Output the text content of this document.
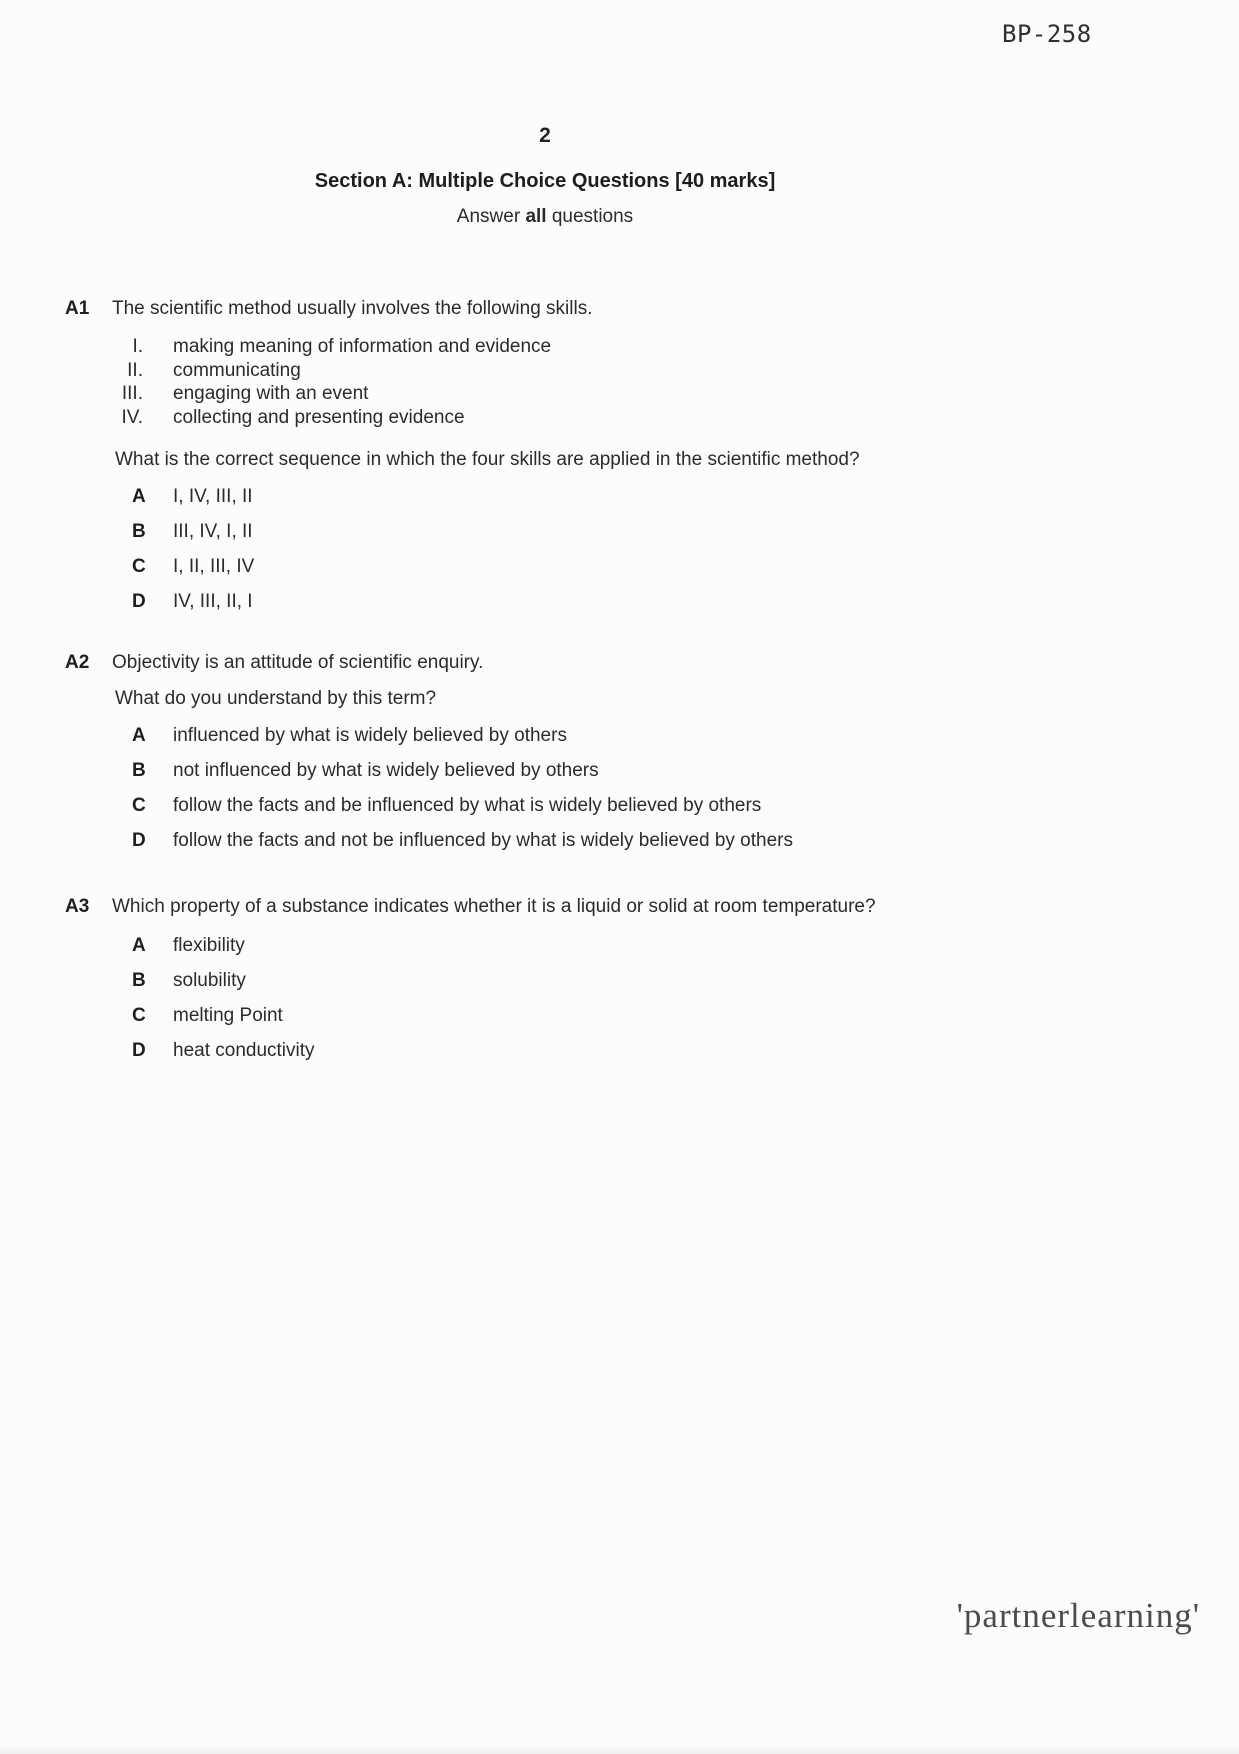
BP-258
2
Section A: Multiple Choice Questions [40 marks]
Answer all questions
A1	The scientific method usually involves the following skills.
I. making meaning of information and evidence
II. communicating
III. engaging with an event
IV. collecting and presenting evidence
What is the correct sequence in which the four skills are applied in the scientific method?
A	I, IV, III, II
B	III, IV, I, II
C	I, II, III, IV
D	IV, III, II, I
A2	Objectivity is an attitude of scientific enquiry.
What do you understand by this term?
A	influenced by what is widely believed by others
B	not influenced by what is widely believed by others
C	follow the facts and be influenced by what is widely believed by others
D	follow the facts and not be influenced by what is widely believed by others
A3	Which property of a substance indicates whether it is a liquid or solid at room temperature?
A	flexibility
B	solubility
C	melting Point
D	heat conductivity
'partnerlearning'
